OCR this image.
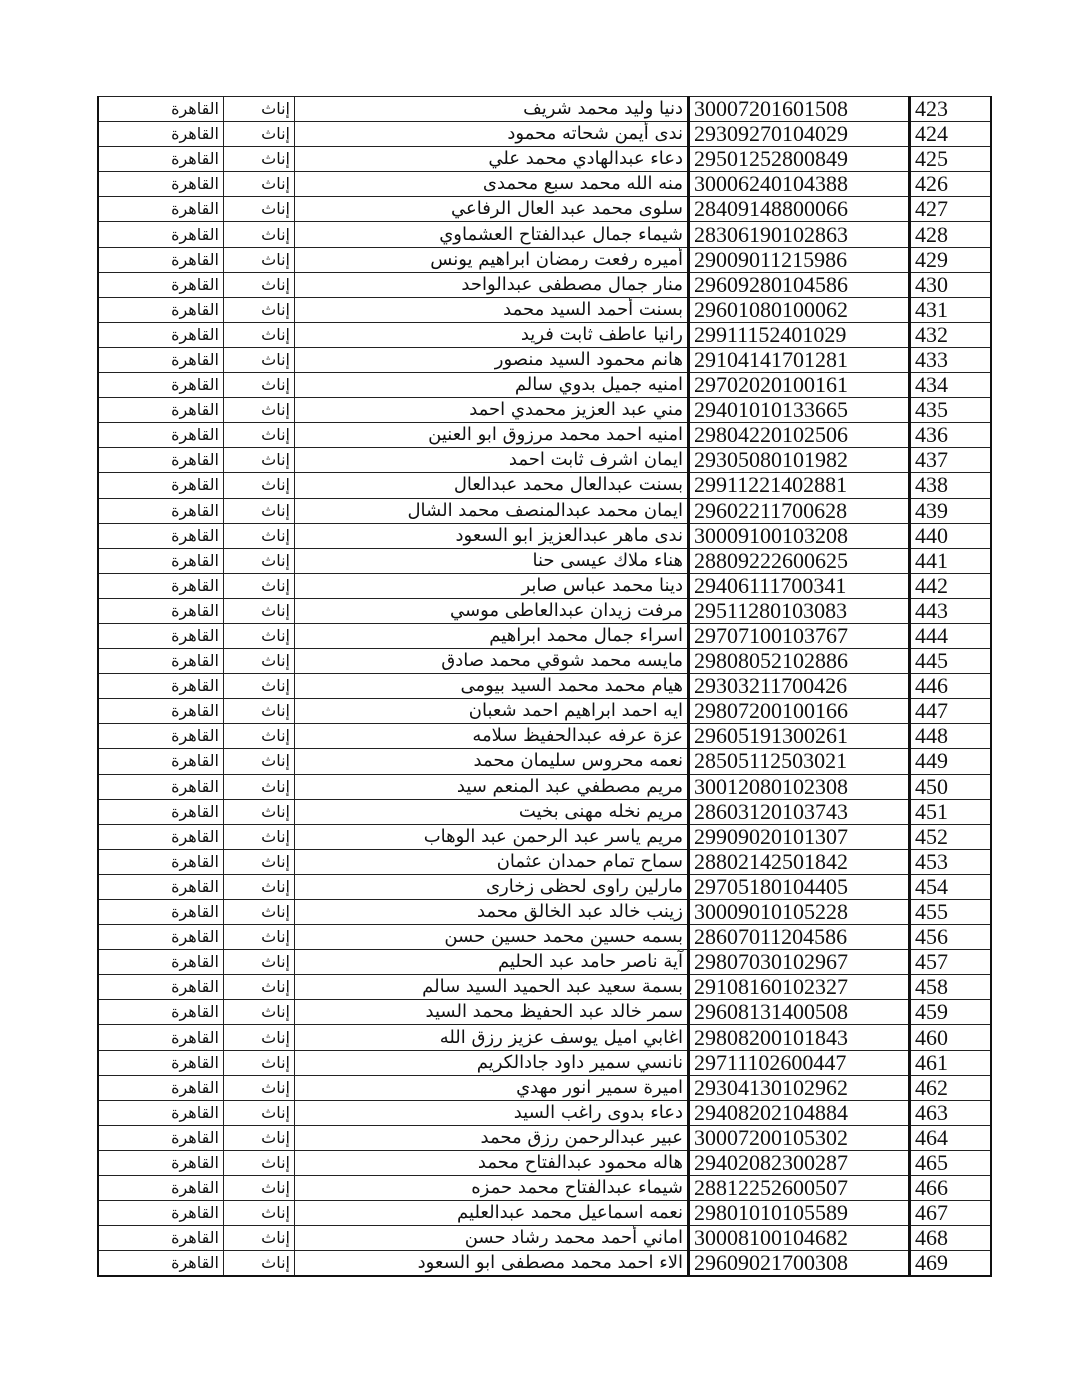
423	30007201601508	دنيا وليد محمد شريف	إناث	القاهرة
424	29309270104029	ندى أيمن شحاته محمود	إناث	القاهرة
425	29501252800849	دعاء عبدالهادي محمد علي	إناث	القاهرة
426	30006240104388	منه الله محمد سبع محمدى	إناث	القاهرة
427	28409148800066	سلوى محمد عبد العال الرفاعي	إناث	القاهرة
428	28306190102863	شيماء جمال عبدالفتاح العشماوي	إناث	القاهرة
429	29009011215986	أميره رفعت رمضان ابراهيم يونس	إناث	القاهرة
430	29609280104586	منار جمال مصطفى عبدالواحد	إناث	القاهرة
431	29601080100062	بسنت أحمد السيد محمد	إناث	القاهرة
432	29911152401029	رانيا عاطف ثابت فريد	إناث	القاهرة
433	29104141701281	هانم محمود السيد منصور	إناث	القاهرة
434	29702020100161	امنيه جميل بدوي سالم	إناث	القاهرة
435	29401010133665	مني عبد العزيز محمدي احمد	إناث	القاهرة
436	29804220102506	امنيه احمد محمد مرزوق ابو العنين	إناث	القاهرة
437	29305080101982	ايمان اشرف ثابت احمد	إناث	القاهرة
438	29911221402881	بسنت عبدالعال محمد عبدالعال	إناث	القاهرة
439	29602211700628	ايمان محمد عبدالمنصف محمد الشال	إناث	القاهرة
440	30009100103208	ندى ماهر عبدالعزيز ابو السعود	إناث	القاهرة
441	28809222600625	هناء ملاك عيسى حنا	إناث	القاهرة
442	29406111700341	دينا محمد عباس صابر	إناث	القاهرة
443	29511280103083	مرفت زيدان عبدالعاطى موسي	إناث	القاهرة
444	29707100103767	اسراء جمال محمد ابراهيم	إناث	القاهرة
445	29808052102886	مايسه محمد شوقي محمد صادق	إناث	القاهرة
446	29303211700426	هيام محمد محمد السيد بيومى	إناث	القاهرة
447	29807200100166	ايه احمد ابراهيم احمد شعبان	إناث	القاهرة
448	29605191300261	عزة عرفه عبدالحفيظ سلامه	إناث	القاهرة
449	28505112503021	نعمه محروس سليمان محمد	إناث	القاهرة
450	30012080102308	مريم مصطفي عبد المنعم سيد	إناث	القاهرة
451	28603120103743	مريم نخله مهنى بخيت	إناث	القاهرة
452	29909020101307	مريم ياسر عبد الرحمن عبد الوهاب	إناث	القاهرة
453	28802142501842	سماح تمام حمدان عثمان	إناث	القاهرة
454	29705180104405	مارلين راوى لحظى زخارى	إناث	القاهرة
455	30009010105228	زينب خالد عبد الخالق محمد	إناث	القاهرة
456	28607011204586	بسمه حسين محمد حسين حسن	إناث	القاهرة
457	29807030102967	آية ناصر حامد عبد الحليم	إناث	القاهرة
458	29108160102327	بسمة سعيد عبد الحميد السيد سالم	إناث	القاهرة
459	29608131400508	سمر خالد عبد الحفيظ محمد السيد	إناث	القاهرة
460	29808200101843	اغابي اميل يوسف عزيز رزق الله	إناث	القاهرة
461	29711102600447	نانسي سمير داود جادالكريم	إناث	القاهرة
462	29304130102962	اميرة سمير انور مهدي	إناث	القاهرة
463	29408202104884	دعاء بدوى راغب السيد	إناث	القاهرة
464	30007200105302	عبير عبدالرحمن رزق محمد	إناث	القاهرة
465	29402082300287	هاله محمود عبدالفتاح محمد	إناث	القاهرة
466	28812252600507	شيماء عبدالفتاح محمد حمزه	إناث	القاهرة
467	29801010105589	نعمه اسماعيل محمد عبدالعليم	إناث	القاهرة
468	30008100104682	اماني أحمد محمد رشاد حسن	إناث	القاهرة
469	29609021700308	الاء احمد محمد مصطفى ابو السعود	إناث	القاهرة
